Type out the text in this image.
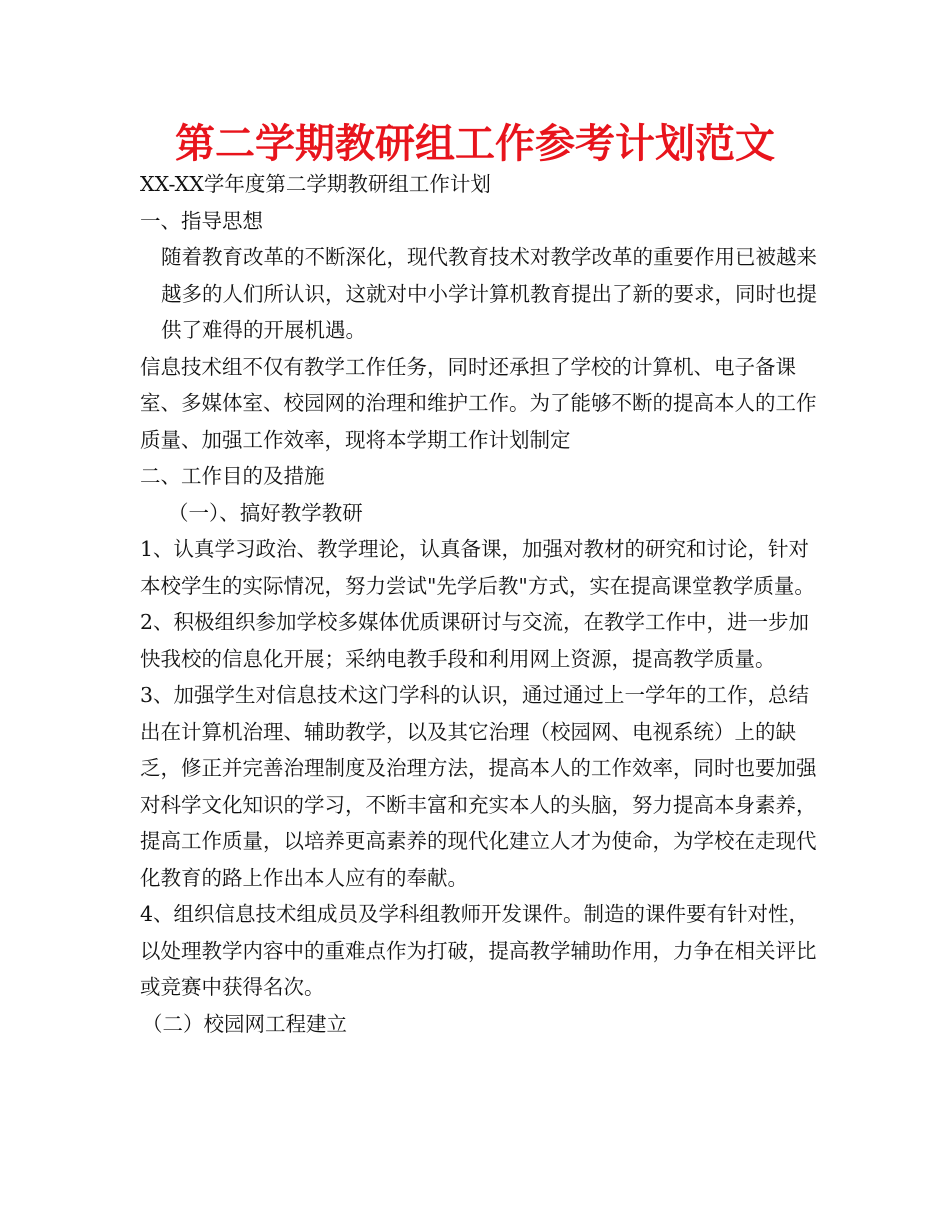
第二学期教研组工作参考计划范文

XX-XX学年度第二学期教研组工作计划

一、指导思想

随着教育改革的不断深化，现代教育技术对教学改革的重要作用已被越来越多的人们所认识，这就对中小学计算机教育提出了新的要求，同时也提供了难得的开展机遇。

信息技术组不仅有教学工作任务，同时还承担了学校的计算机、电子备课室、多媒体室、校园网的治理和维护工作。为了能够不断的提高本人的工作质量、加强工作效率，现将本学期工作计划制定

二、工作目的及措施

（一）、搞好教学教研

1、认真学习政治、教学理论，认真备课，加强对教材的研究和讨论，针对本校学生的实际情况，努力尝试"先学后教"方式，实在提高课堂教学质量。

2、积极组织参加学校多媒体优质课研讨与交流，在教学工作中，进一步加快我校的信息化开展；采纳电教手段和利用网上资源，提高教学质量。

3、加强学生对信息技术这门学科的认识，通过通过上一学年的工作，总结出在计算机治理、辅助教学，以及其它治理（校园网、电视系统）上的缺乏，修正并完善治理制度及治理方法，提高本人的工作效率，同时也要加强对科学文化知识的学习，不断丰富和充实本人的头脑，努力提高本身素养，提高工作质量，以培养更高素养的现代化建立人才为使命，为学校在走现代化教育的路上作出本人应有的奉献。

4、组织信息技术组成员及学科组教师开发课件。制造的课件要有针对性，以处理教学内容中的重难点作为打破，提高教学辅助作用，力争在相关评比或竞赛中获得名次。

（二）校园网工程建立
